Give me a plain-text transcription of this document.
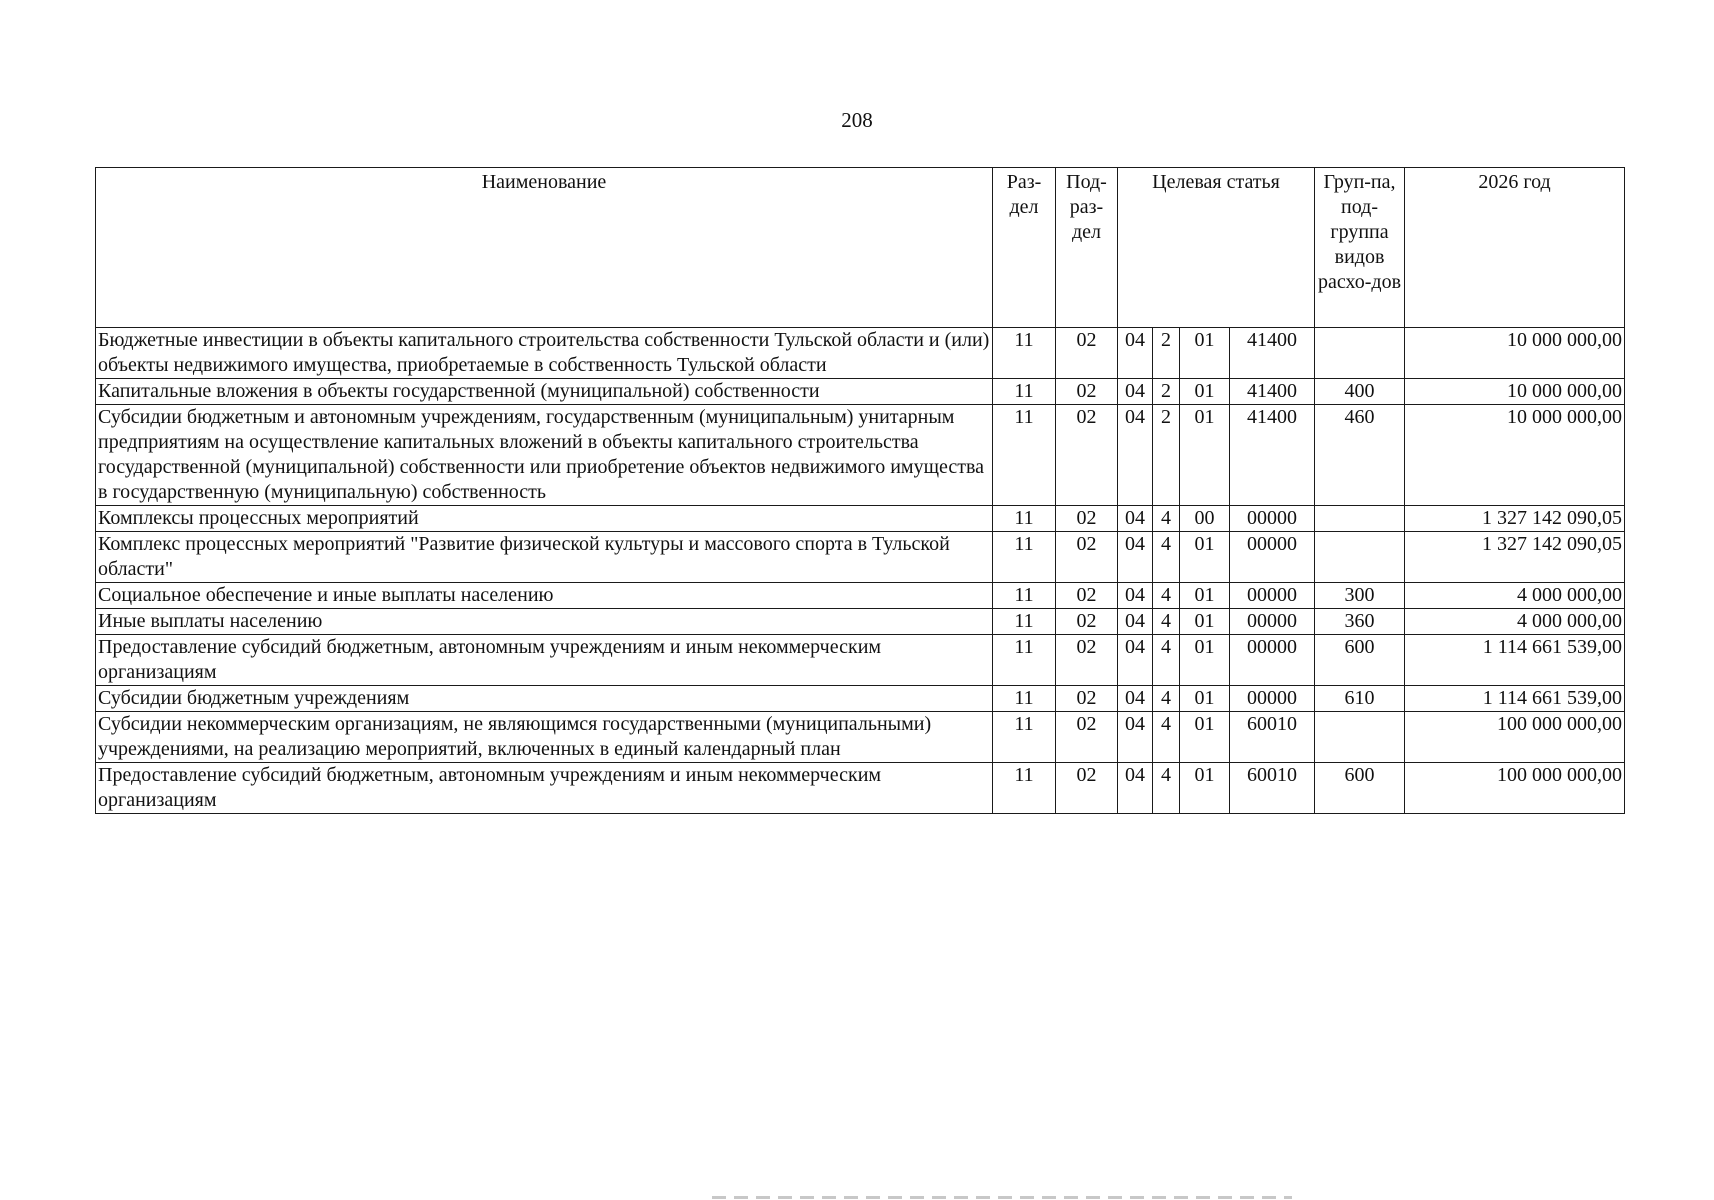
208
Наименование	Раз-дел	Под-раз-дел	Целевая статья				Груп-па, под-группа видов расхо-дов	2026 год
Бюджетные инвестиции в объекты капитального строительства собственности Тульской области и (или) объекты недвижимого имущества, приобретаемые в собственность Тульской области	11	02	04	2	01	41400		10 000 000,00
Капитальные вложения в объекты государственной (муниципальной) собственности	11	02	04	2	01	41400	400	10 000 000,00
Субсидии бюджетным и автономным учреждениям, государственным (муниципальным) унитарным предприятиям на осуществление капитальных вложений в объекты капитального строительства государственной (муниципальной) собственности или приобретение объектов недвижимого имущества в государственную (муниципальную) собственность	11	02	04	2	01	41400	460	10 000 000,00
Комплексы процессных мероприятий	11	02	04	4	00	00000		1 327 142 090,05
Комплекс процессных мероприятий "Развитие физической культуры и массового спорта в Тульской области"	11	02	04	4	01	00000		1 327 142 090,05
Социальное обеспечение и иные выплаты населению	11	02	04	4	01	00000	300	4 000 000,00
Иные выплаты населению	11	02	04	4	01	00000	360	4 000 000,00
Предоставление субсидий бюджетным, автономным учреждениям и иным некоммерческим организациям	11	02	04	4	01	00000	600	1 114 661 539,00
Субсидии бюджетным учреждениям	11	02	04	4	01	00000	610	1 114 661 539,00
Субсидии некоммерческим организациям, не являющимся государственными (муниципальными) учреждениями, на реализацию мероприятий, включенных в единый календарный план	11	02	04	4	01	60010		100 000 000,00
Предоставление субсидий бюджетным, автономным учреждениям и иным некоммерческим организациям	11	02	04	4	01	60010	600	100 000 000,00
